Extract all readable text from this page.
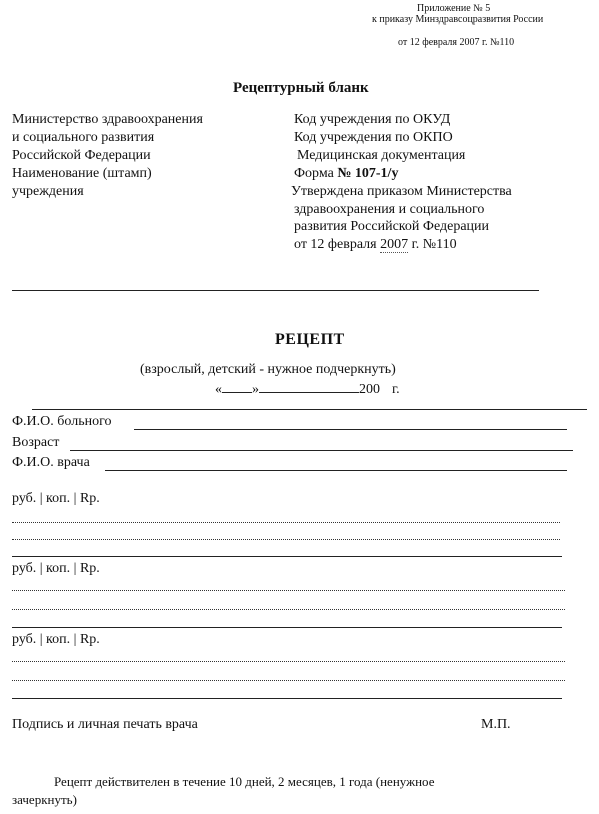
Приложение № 5
к приказу Минздравсоцразвития России
от 12 февраля 2007 г. №110
Рецептурный бланк
Министерство здравоохранения
и социального развития
Российской Федерации
Наименование (штамп)
учреждения
Код учреждения по ОКУД
Код учреждения по ОКПО
Медицинская документация
Форма № 107-1/у
Утверждена приказом Министерства
здравоохранения и социального
развития Российской Федерации
от 12 февраля 2007 г. №110
РЕЦЕПТ
(взрослый, детский - нужное подчеркнуть)
« »	200 г.
Ф.И.О. больного
Возраст
Ф.И.О. врача
руб. | коп. | Rp.
руб. | коп. | Rp.
руб. | коп. | Rp.
Подпись и личная печать врача	М.П.
Рецепт действителен в течение 10 дней, 2 месяцев, 1 года (ненужное
зачеркнуть)
